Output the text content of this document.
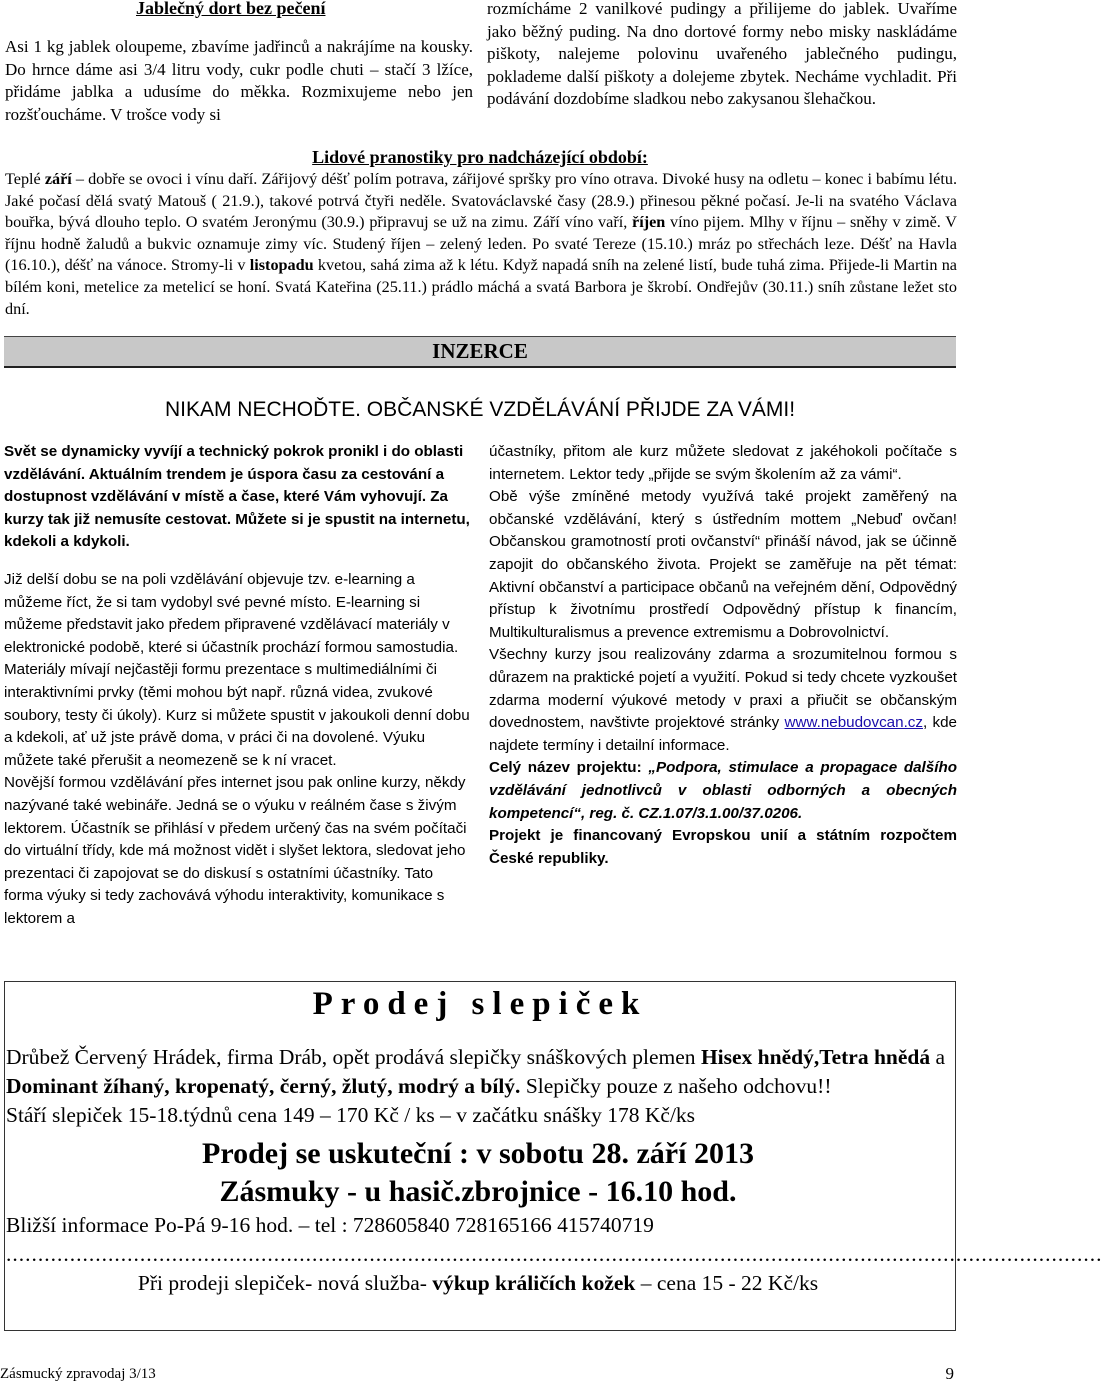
Jablečný dort bez pečení
Asi 1 kg jablek oloupeme, zbavíme jadřinců a nakrájíme na kousky. Do hrnce dáme asi 3/4 litru vody, cukr podle chuti – stačí 3 lžíce, přidáme jablka a udusíme do měkka. Rozmixujeme nebo jen rozšťoucháme. V trošce vody si
rozmícháme 2 vanilkové pudingy a přilijeme do jablek. Uvaříme jako běžný puding. Na dno dortové formy nebo misky naskládáme piškoty, nalejeme polovinu uvařeného jablečného pudingu, poklademe další piškoty a dolejeme zbytek. Necháme vychladit. Při podávání dozdobíme sladkou nebo zakysanou šlehačkou.
Lidové pranostiky pro nadcházející období:
Teplé září – dobře se ovoci i vínu daří. Zářijový déšť polím potrava, zářijové spršky pro víno otrava. Divoké husy na odletu – konec i babímu létu. Jaké počasí dělá svatý Matouš ( 21.9.), takové potrvá čtyři neděle. Svatováclavské časy (28.9.) přinesou pěkné počasí. Je-li na svatého Václava bouřka, bývá dlouho teplo. O svatém Jeronýmu (30.9.) připravuj se už na zimu. Září víno vaří, říjen víno pijem. Mlhy v říjnu – sněhy v zimě. V říjnu hodně žaludů a bukvic oznamuje zimy víc. Studený říjen – zelený leden. Po svaté Tereze (15.10.) mráz po střechách leze. Déšť na Havla (16.10.), déšť na vánoce. Stromy-li v listopadu kvetou, sahá zima až k létu. Když napadá sníh na zelené listí, bude tuhá zima. Přijede-li Martin na bílém koni, metelice za metelicí se honí. Svatá Kateřina (25.11.) prádlo máchá a svatá Barbora je škrobí. Ondřejův (30.11.) sníh zůstane ležet sto dní.
INZERCE
NIKAM NECHOĎTE. OBČANSKÉ VZDĚLÁVÁNÍ PŘIJDE ZA VÁMI!

Svět se dynamicky vyvíjí a technický pokrok pronikl i do oblasti vzdělávání. Aktuálním trendem je úspora času za cestování a dostupnost vzdělávání v místě a čase, které Vám vyhovují. Za kurzy tak již nemusíte cestovat. Můžete si je spustit na internetu, kdekoli a kdykoli.

Již delší dobu se na poli vzdělávání objevuje tzv. e-learning a můžeme říct, že si tam vydobyl své pevné místo. E-learning si můžeme představit jako předem připravené vzdělávací materiály v elektronické podobě, které si účastník prochází formou samostudia. Materiály mívají nejčastěji formu prezentace s multimediálními či interaktivními prvky (těmi mohou být např. různá videa, zvukové soubory, testy či úkoly). Kurz si můžete spustit v jakoukoli denní dobu a kdekoli, ať už jste právě doma, v práci či na dovolené. Výuku můžete také přerušit a neomezeně se k ní vracet.

Novější formou vzdělávání přes internet jsou pak online kurzy, někdy nazývané také webináře. Jedná se o výuku v reálném čase s živým lektorem. Účastník se přihlásí v předem určený čas na svém počítači do virtuální třídy, kde má možnost vidět i slyšet lektora, sledovat jeho prezentaci či zapojovat se do diskusí s ostatními účastníky. Tato forma výuky si tedy zachovává výhodu interaktivity, komunikace s lektorem a

účastníky, přitom ale kurz můžete sledovat z jakéhokoli počítače s internetem. Lektor tedy „přijde se svým školením až za vámi“.

Obě výše zmíněné metody využívá také projekt zaměřený na občanské vzdělávání, který s ústředním mottem „Nebuď ovčan! Občanskou gramotností proti ovčanství“ přináší návod, jak se účinně zapojit do občanského života. Projekt se zaměřuje na pět témat: Aktivní občanství a participace občanů na veřejném dění, Odpovědný přístup k životnímu prostředí Odpovědný přístup k financím, Multikulturalismus a prevence extremismu a Dobrovolnictví.

Všechny kurzy jsou realizovány zdarma a srozumitelnou formou s důrazem na praktické pojetí a využití. Pokud si tedy chcete vyzkoušet zdarma moderní výukové metody v praxi a přiučit se občanským dovednostem, navštivte projektové stránky www.nebudovcan.cz, kde najdete termíny i detailní informace.

Celý název projektu: „Podpora, stimulace a propagace dalšího vzdělávání jednotlivců v oblasti odborných a obecných kompetencí“, reg. č. CZ.1.07/3.1.00/37.0206.

Projekt je financovaný Evropskou unií a státním rozpočtem České republiky.

Prodej slepiček

Drůbež Červený Hrádek, firma Dráb, opět prodává slepičky snáškových plemen Hisex hnědý,Tetra hnědá a Dominant žíhaný, kropenatý, černý, žlutý, modrý a bílý. Slepičky pouze z našeho odchovu!!

Stáří slepiček 15-18.týdnů cena 149 – 170 Kč / ks – v začátku snášky 178 Kč/ks

Prodej se uskuteční : v sobotu 28. září 2013

Zásmuky - u hasič.zbrojnice - 16.10 hod.

Bližší informace Po-Pá 9-16 hod. – tel : 728605840 728165166 415740719

............................................................................................................................................................................

Při prodeji slepiček- nová služba- výkup králičích kožek – cena 15 - 22 Kč/ks

Zásmucký zpravodaj 3/13	9
